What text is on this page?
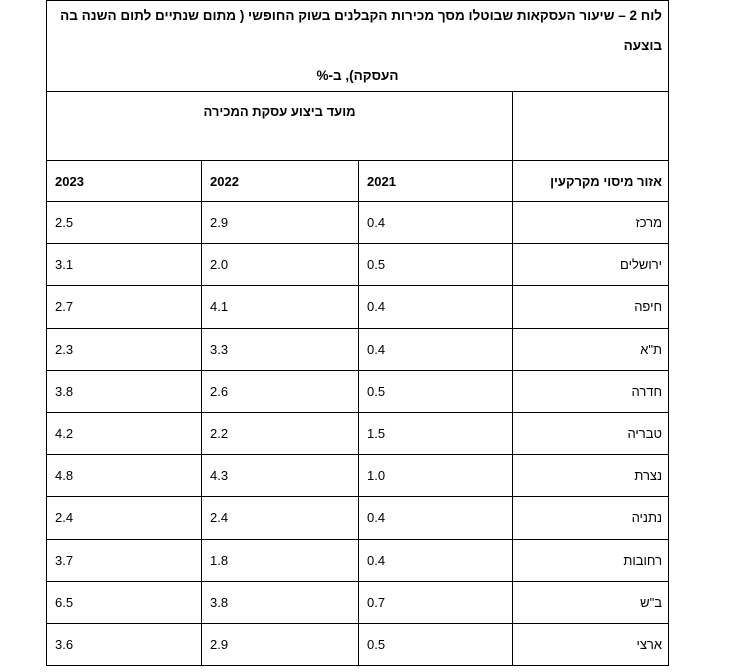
לוח 2 – שיעור העסקאות שבוטלו מסך מכירות הקבלנים בשוק החופשי ( מתום שנתיים לתום השנה בה בוצעה
העסקה), ב-%			

	מועד ביצוע עסקת המכירה		
אזור מיסוי מקרקעין	2021	2022	2023
מרכז	0.4	2.9	2.5
ירושלים	0.5	2.0	3.1
חיפה	0.4	4.1	2.7
ת"א	0.4	3.3	2.3
חדרה	0.5	2.6	3.8
טבריה	1.5	2.2	4.2
נצרת	1.0	4.3	4.8
נתניה	0.4	2.4	2.4
רחובות	0.4	1.8	3.7
ב"ש	0.7	3.8	6.5
ארצי	0.5	2.9	3.6
